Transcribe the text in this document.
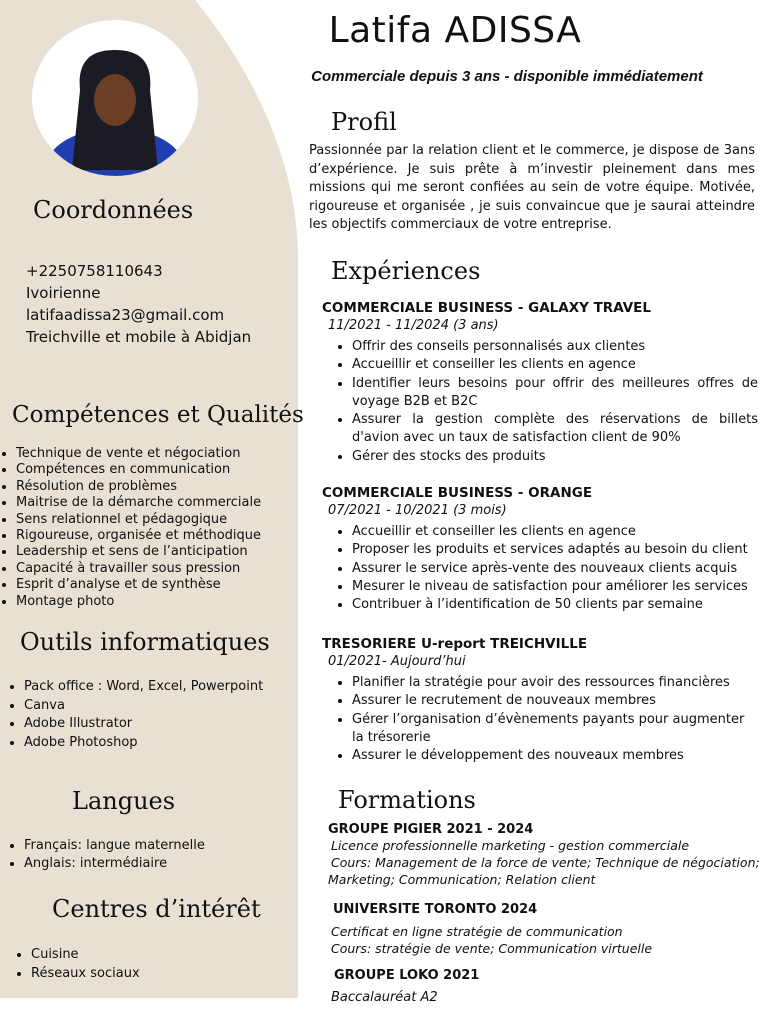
Latifa ADISSA
Commerciale depuis 3 ans - disponible immédiatement
Coordonnées
+2250758110643
Ivoirienne
latifaadissa23@gmail.com
Treichville et mobile à Abidjan
Compétences et Qualités
• Technique de vente et négociation
• Compétences en communication
• Résolution de problèmes
• Maitrise de la démarche commerciale
• Sens relationnel et pédagogique
• Rigoureuse, organisée et méthodique
• Leadership et sens de l’anticipation
• Capacité à travailler sous pression
• Esprit d’analyse et de synthèse
• Montage photo
Outils informatiques
• Pack office : Word, Excel, Powerpoint
• Canva
• Adobe Illustrator
• Adobe Photoshop
Langues
• Français: langue maternelle
• Anglais: intermédiaire
Centres d’intérêt
• Cuisine
• Réseaux sociaux
Profil
Passionnée par la relation client et le commerce, je dispose de 3ans d’expérience. Je suis prête à m’investir pleinement dans mes missions qui me seront confiées au sein de votre équipe. Motivée, rigoureuse et organisée , je suis convaincue que je saurai atteindre les objectifs commerciaux de votre entreprise.
Expériences
COMMERCIALE BUSINESS - GALAXY TRAVEL
11/2021 - 11/2024 (3 ans)
• Offrir des conseils personnalisés aux clientes
• Accueillir et conseiller les clients en agence
• Identifier leurs besoins pour offrir des meilleures offres de voyage B2B et B2C
• Assurer la gestion complète des réservations de billets d'avion avec un taux de satisfaction client de 90%
• Gérer des stocks des produits
COMMERCIALE BUSINESS - ORANGE
07/2021 - 10/2021 (3 mois)
• Accueillir et conseiller les clients en agence
• Proposer les produits et services adaptés au besoin du client
• Assurer le service après-vente des nouveaux clients acquis
• Mesurer le niveau de satisfaction pour améliorer les services
• Contribuer à l’identification de 50 clients par semaine
TRESORIERE U-report TREICHVILLE
01/2021- Aujourd’hui
• Planifier la stratégie pour avoir des ressources financières
• Assurer le recrutement de nouveaux membres
• Gérer l’organisation d’évènements payants pour augmenter la trésorerie
• Assurer le développement des nouveaux membres
Formations
GROUPE PIGIER 2021 - 2024
Licence professionnelle marketing - gestion commerciale
Cours: Management de la force de vente; Technique de négociation;
Marketing; Communication; Relation client
UNIVERSITE TORONTO 2024
Certificat en ligne stratégie de communication
Cours: stratégie de vente; Communication virtuelle
GROUPE LOKO 2021
Baccalauréat A2
